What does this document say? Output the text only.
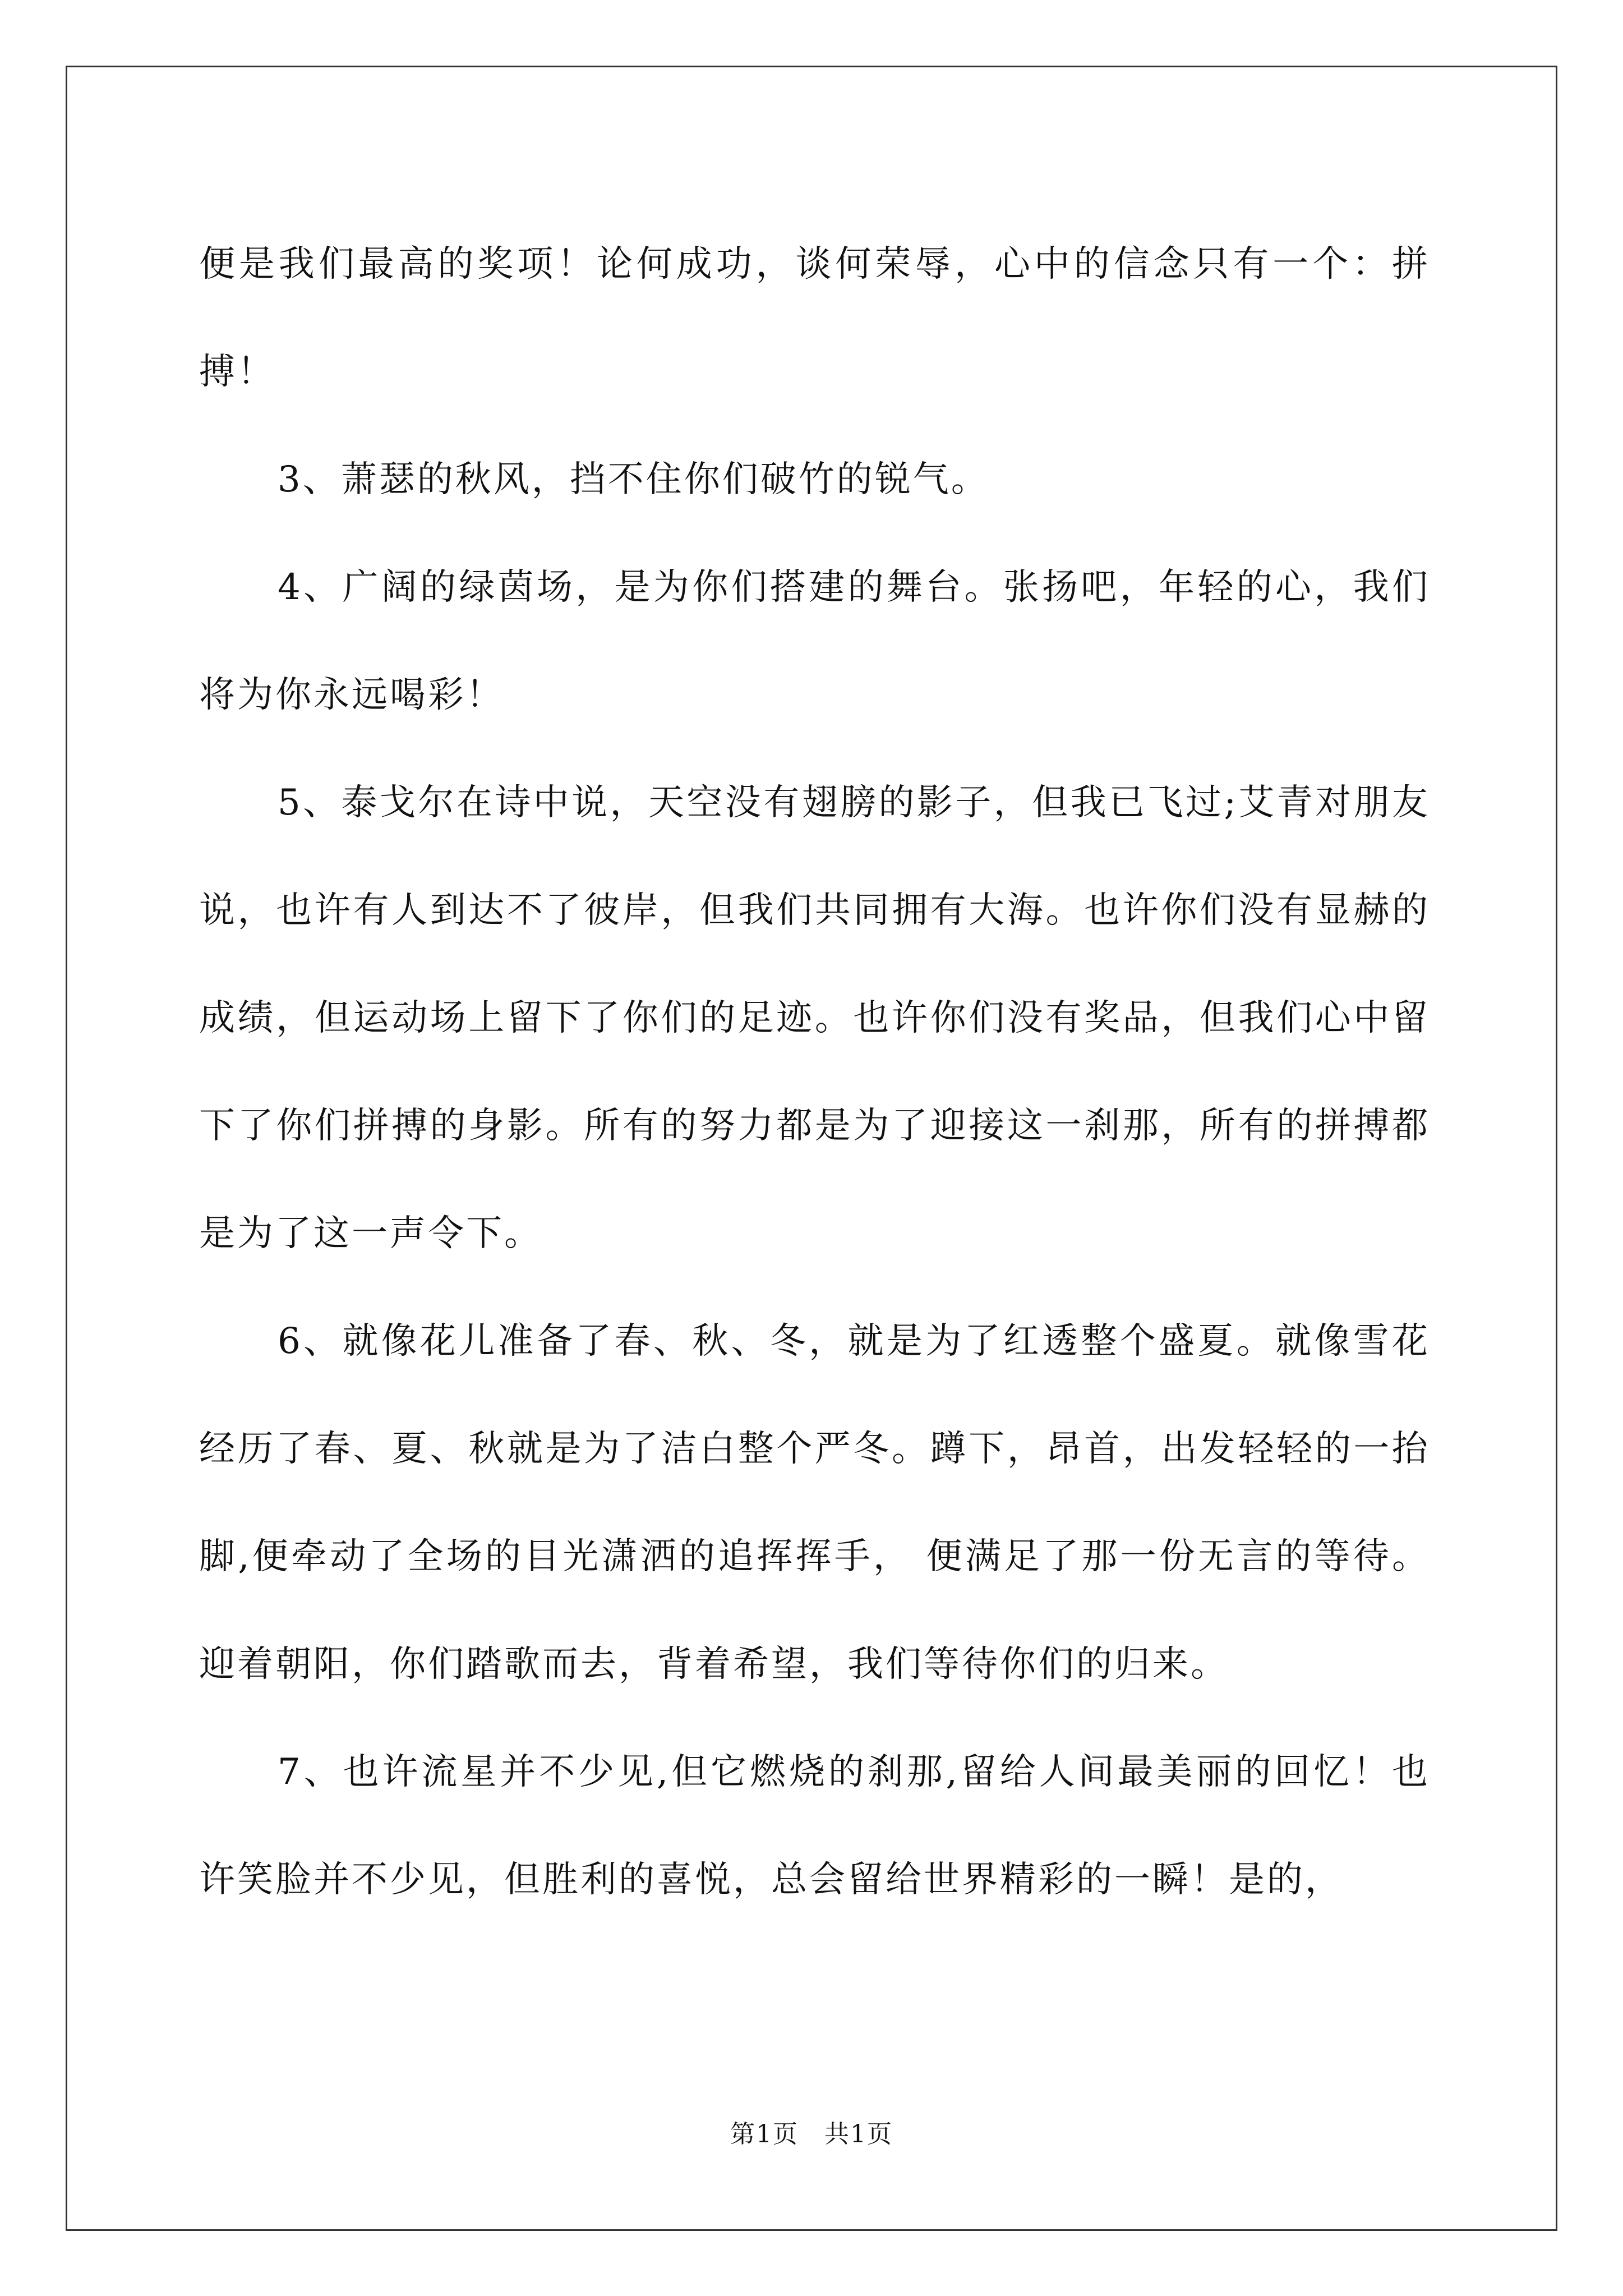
便是我们最高的奖项！论何成功，谈何荣辱，心中的信念只有一个：拼搏！

3、萧瑟的秋风，挡不住你们破竹的锐气。

4、广阔的绿茵场，是为你们搭建的舞台。张扬吧，年轻的心，我们将为你永远喝彩！

5、泰戈尔在诗中说，天空没有翅膀的影子，但我已飞过;艾青对朋友说，也许有人到达不了彼岸，但我们共同拥有大海。也许你们没有显赫的成绩，但运动场上留下了你们的足迹。也许你们没有奖品，但我们心中留下了你们拼搏的身影。所有的努力都是为了迎接这一刹那，所有的拼搏都是为了这一声令下。

6、就像花儿准备了春、秋、冬，就是为了红透整个盛夏。就像雪花经历了春、夏、秋就是为了洁白整个严冬。蹲下，昂首，出发轻轻的一抬脚,便牵动了全场的目光潇洒的追挥挥手， 便满足了那一份无言的等待。迎着朝阳，你们踏歌而去，背着希望，我们等待你们的归来。

7、也许流星并不少见,但它燃烧的刹那,留给人间最美丽的回忆！也许笑脸并不少见，但胜利的喜悦，总会留给世界精彩的一瞬！是的，

第1页　共1页
